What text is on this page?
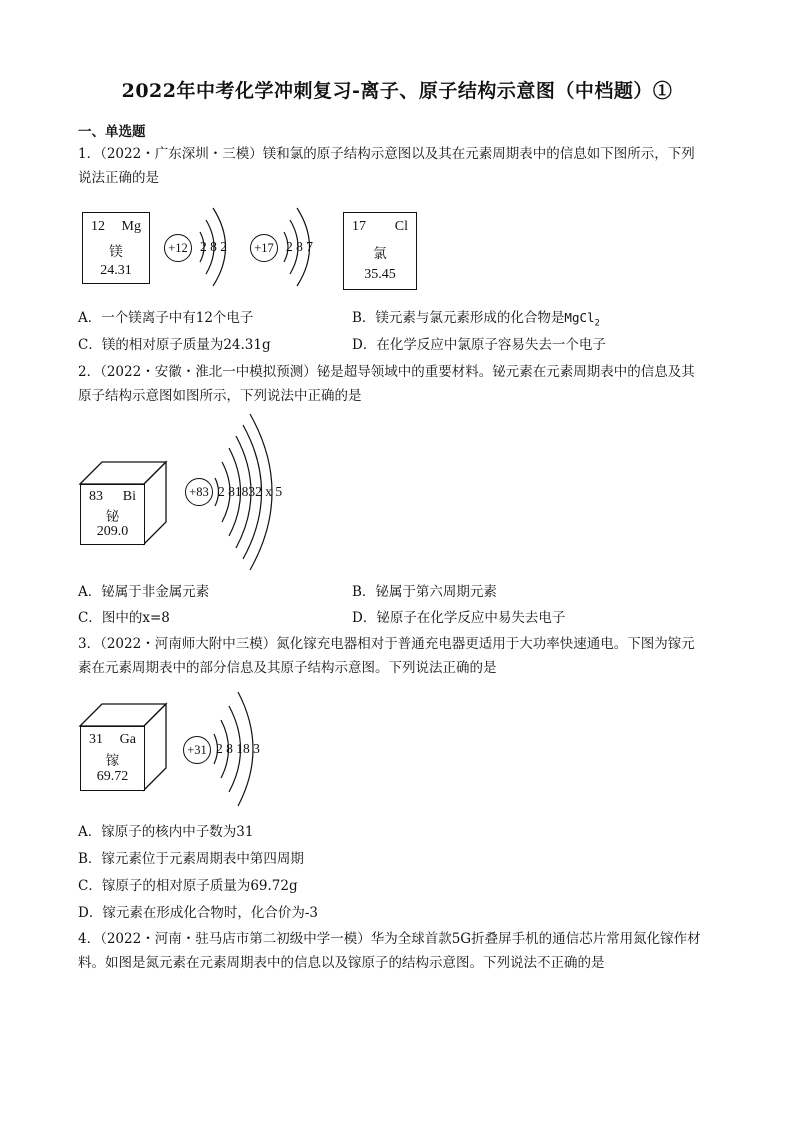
2022年中考化学冲刺复习-离子、原子结构示意图（中档题）①
一、单选题
1．（2022・广东深圳・三模）镁和氯的原子结构示意图以及其在元素周期表中的信息如下图所示，下列
说法正确的是
12 Mg
镁
24.31
+12 2 8 2	+17 2 8 7
17 Cl
氯
35.45
A．一个镁离子中有12个电子	B．镁元素与氯元素形成的化合物是MgCl$_2$
C．镁的相对原子质量为24.31g	D．在化学反应中氯原子容易失去一个电子
2．（2022・安徽・淮北一中模拟预测）铋是超导领域中的重要材料。铋元素在元素周期表中的信息及其
原子结构示意图如图所示，下列说法中正确的是
83 Bi
铋
209.0
+83 2 81832 x 5
A．铋属于非金属元素	B．铋属于第六周期元素
C．图中的x=8	D．铋原子在化学反应中易失去电子
3．（2022・河南师大附中三模）氮化镓充电器相对于普通充电器更适用于大功率快速通电。下图为镓元
素在元素周期表中的部分信息及其原子结构示意图。下列说法正确的是
31 Ga
镓
69.72
+31 2 8 18 3
A．镓原子的核内中子数为31
B．镓元素位于元素周期表中第四周期
C．镓原子的相对原子质量为69.72g
D．镓元素在形成化合物时，化合价为-3
4．（2022・河南・驻马店市第二初级中学一模）华为全球首款5G折叠屏手机的通信芯片常用氮化镓作材
料。如图是氮元素在元素周期表中的信息以及镓原子的结构示意图。下列说法不正确的是
